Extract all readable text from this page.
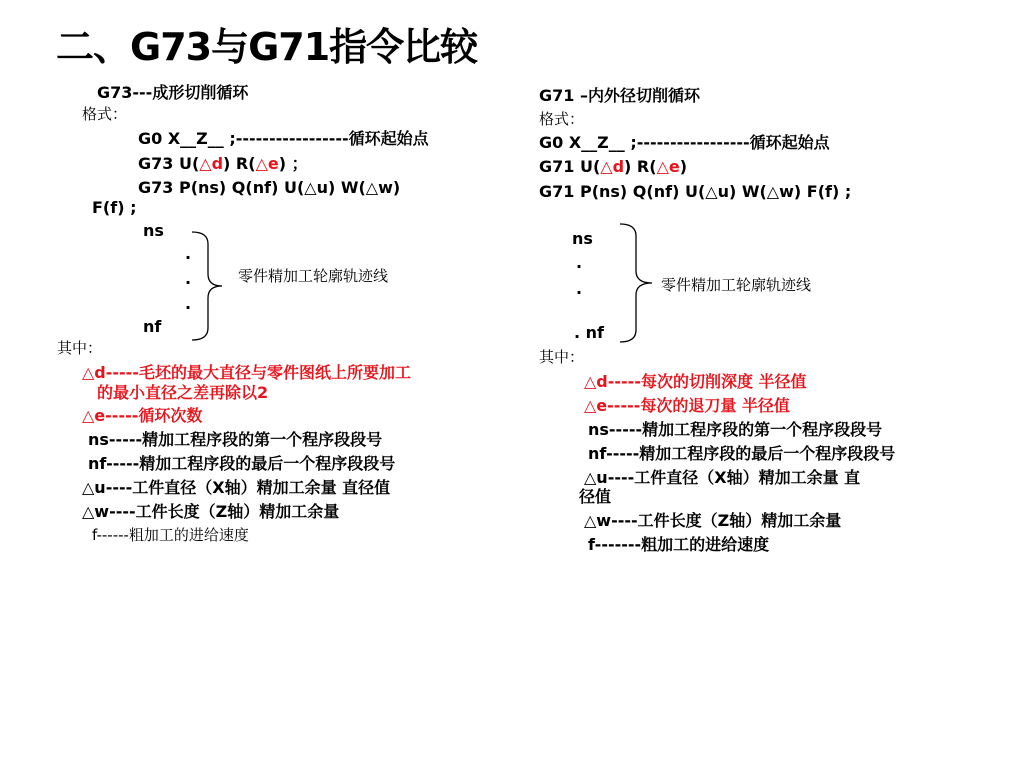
二、G73与G71指令比较
G73---成形切削循环
格式：
G0 X__Z__ ;-----------------循环起始点
G73 U(△d) R(△e) ；
G73 P(ns) Q(nf) U(△u) W(△w)
F(f) ;
ns
.
.
.
nf
零件精加工轮廓轨迹线
其中：
△d-----毛坯的最大直径与零件图纸上所要加工
的最小直径之差再除以2
△e-----循环次数
ns-----精加工程序段的第一个程序段段号
nf-----精加工程序段的最后一个程序段段号
△u----工件直径（X轴）精加工余量 直径值
△w----工件长度（Z轴）精加工余量
f------粗加工的进给速度
G71 –内外径切削循环
格式：
G0 X__Z__ ;-----------------循环起始点
G71 U(△d) R(△e)
G71 P(ns) Q(nf) U(△u) W(△w) F(f) ;
ns
.
.
. nf
零件精加工轮廓轨迹线
其中：
△d-----每次的切削深度 半径值
△e-----每次的退刀量 半径值
ns-----精加工程序段的第一个程序段段号
nf-----精加工程序段的最后一个程序段段号
△u----工件直径（X轴）精加工余量 直
径值
△w----工件长度（Z轴）精加工余量
f-------粗加工的进给速度
